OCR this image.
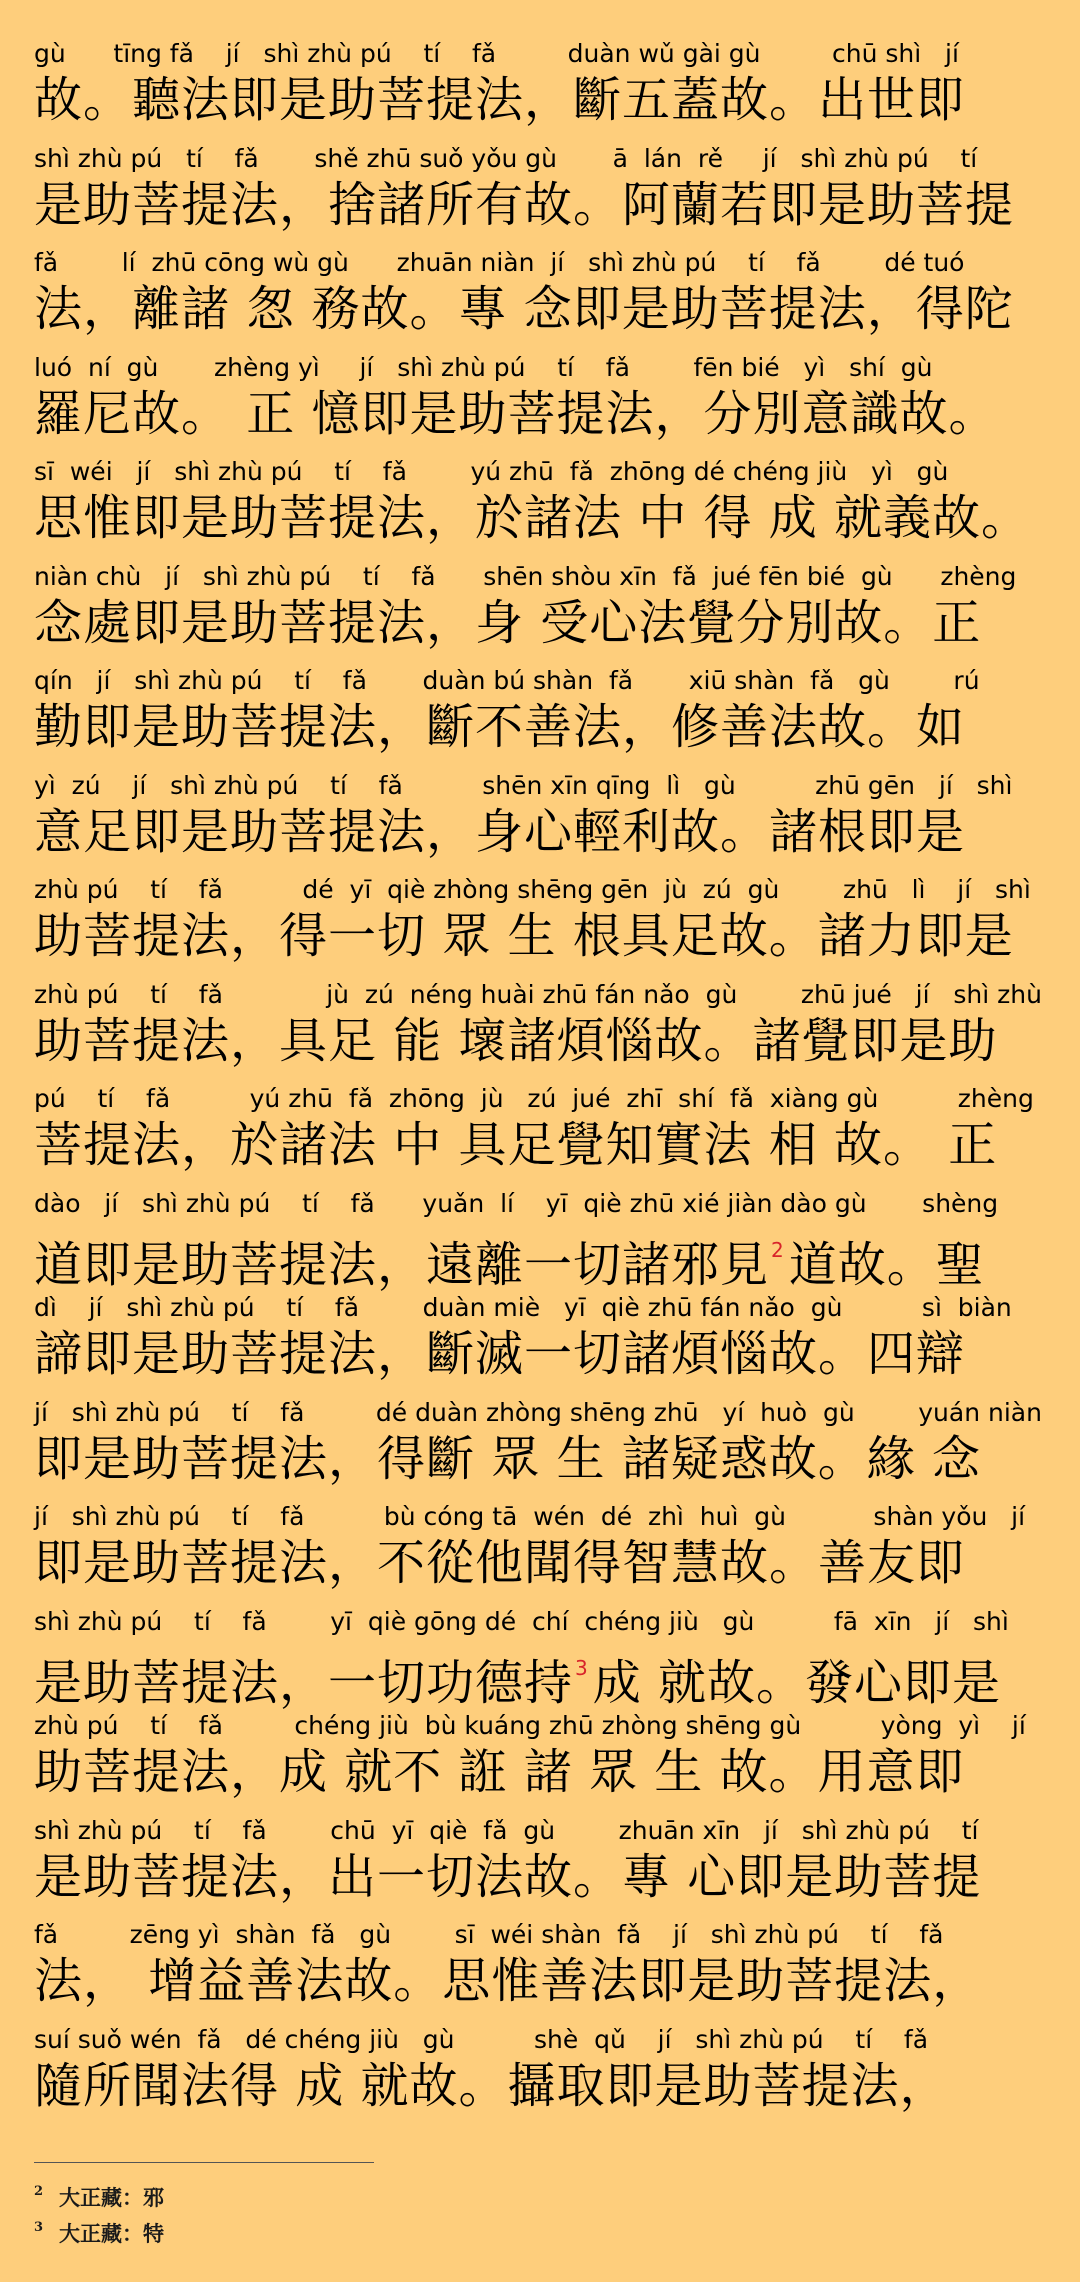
gù      tīng fǎ    jí   shì zhù pú    tí    fǎ         duàn wǔ gài gù         chū shì   jí
故。聽法即是助菩提法，斷五蓋故。出世即
shì zhù pú   tí    fǎ       shě zhū suǒ yǒu gù       ā  lán  rě     jí   shì zhù pú    tí
是助菩提法，捨諸所有故。阿蘭若即是助菩提
fǎ        lí  zhū cōng wù gù      zhuān niàn  jí   shì zhù pú    tí    fǎ        dé tuó
法，離諸 怱 務故。專 念即是助菩提法，得陀
luó  ní  gù       zhèng yì     jí   shì zhù pú    tí    fǎ        fēn bié   yì   shí  gù
羅尼故。 正 憶即是助菩提法，分別意識故。
sī  wéi   jí   shì zhù pú    tí    fǎ        yú zhū  fǎ  zhōng dé chéng jiù   yì   gù
思惟即是助菩提法，於諸法 中 得 成 就義故。
niàn chù   jí   shì zhù pú    tí    fǎ      shēn shòu xīn  fǎ  jué fēn bié  gù      zhèng
念處即是助菩提法，身 受心法覺分別故。正
qín   jí   shì zhù pú    tí    fǎ       duàn bú shàn  fǎ       xiū shàn  fǎ   gù        rú
勤即是助菩提法，斷不善法，修善法故。如
yì  zú    jí   shì zhù pú    tí    fǎ          shēn xīn qīng  lì   gù          zhū gēn   jí   shì
意足即是助菩提法，身心輕利故。諸根即是
zhù pú    tí    fǎ          dé  yī  qiè zhòng shēng gēn  jù  zú  gù        zhū   lì    jí   shì
助菩提法，得一切 眾 生 根具足故。諸力即是
zhù pú    tí    fǎ             jù  zú  néng huài zhū fán nǎo  gù        zhū jué   jí   shì zhù
助菩提法，具足 能 壞諸煩惱故。諸覺即是助
pú    tí    fǎ          yú zhū  fǎ  zhōng  jù   zú  jué  zhī  shí  fǎ  xiàng gù          zhèng
菩提法，於諸法 中 具足覺知實法 相 故。 正
dào   jí   shì zhù pú    tí    fǎ      yuǎn  lí    yī  qiè zhū xié jiàn dào gù       shèng
道即是助菩提法，遠離一切諸邪見 $^2$道故。聖
dì    jí   shì zhù pú    tí    fǎ        duàn miè   yī  qiè zhū fán nǎo  gù          sì  biàn
諦即是助菩提法，斷滅一切諸煩惱故。四辯
jí   shì zhù pú    tí    fǎ         dé duàn zhòng shēng zhū   yí  huò  gù        yuán niàn
即是助菩提法，得斷 眾 生 諸疑惑故。緣 念
jí   shì zhù pú    tí    fǎ          bù cóng tā  wén  dé  zhì  huì  gù           shàn yǒu   jí
即是助菩提法，不從他聞得智慧故。善友即
shì zhù pú    tí    fǎ        yī  qiè gōng dé  chí  chéng jiù   gù          fā  xīn   jí   shì
是助菩提法，一切功德持 $^3$成 就故。發心即是
zhù pú    tí    fǎ         chéng jiù  bù kuáng zhū zhòng shēng gù          yòng  yì    jí
助菩提法，成 就不 誑 諸 眾 生 故。用意即
shì zhù pú    tí    fǎ        chū  yī  qiè  fǎ  gù        zhuān xīn   jí   shì zhù pú    tí
是助菩提法，出一切法故。專 心即是助菩提
fǎ         zēng yì  shàn  fǎ   gù        sī  wéi shàn  fǎ    jí   shì zhù pú    tí    fǎ
法， 增益善法故。思惟善法即是助菩提法，
suí suǒ wén  fǎ   dé chéng jiù   gù          shè  qǔ    jí   shì zhù pú    tí    fǎ
隨所聞法得 成 就故。攝取即是助菩提法，
$^2$ 大正藏：邪
$^3$ 大正藏：特
